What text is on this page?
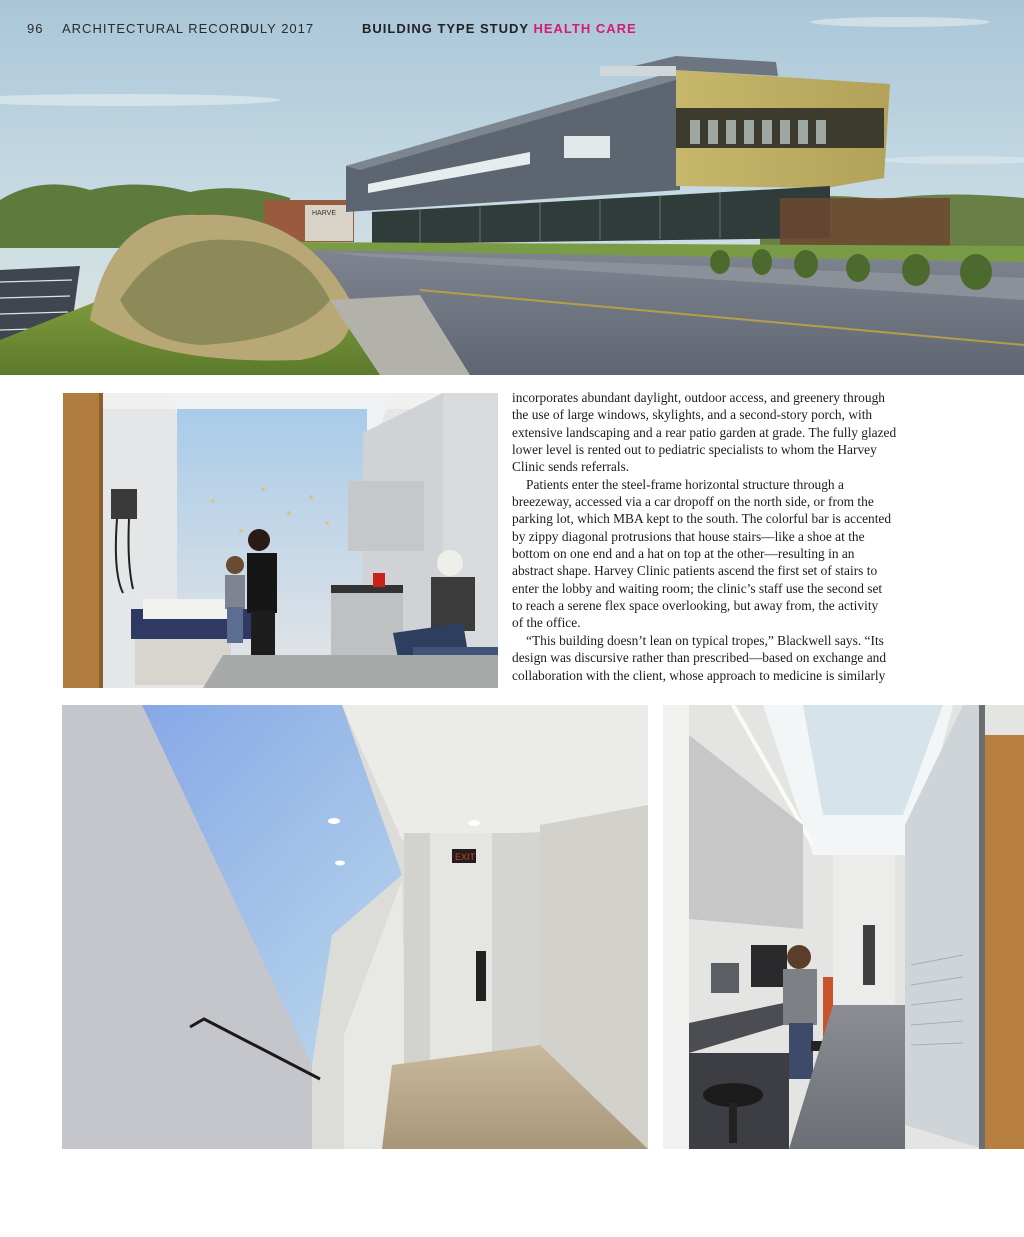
HARVE
96 ARCHITECTURAL RECORD
JULY 2017	BUILDING TYPE STUDY HEALTH CARE

incorporates abundant daylight, outdoor access, and greenery through

the use of large windows, skylights, and a second-story porch, with

extensive landscaping and a rear patio garden at grade. The fully glazed

lower level is rented out to pediatric specialists to whom the Harvey

Clinic sends referrals.

Patients enter the steel-frame horizontal structure through a

breezeway, accessed via a car dropoff on the north side, or from the

parking lot, which MBA kept to the south. The colorful bar is accented

by zippy diagonal protrusions that house stairs—like a shoe at the

bottom on one end and a hat on top at the other—resulting in an

abstract shape. Harvey Clinic patients ascend the first set of stairs to

enter the lobby and waiting room; the clinic’s staff use the second set

to reach a serene flex space overlooking, but away from, the activity

of the office.

“This building doesn’t lean on typical tropes,” Blackwell says. “Its

design was discursive rather than prescribed—based on exchange and

collaboration with the client, whose approach to medicine is similarly

EXIT
